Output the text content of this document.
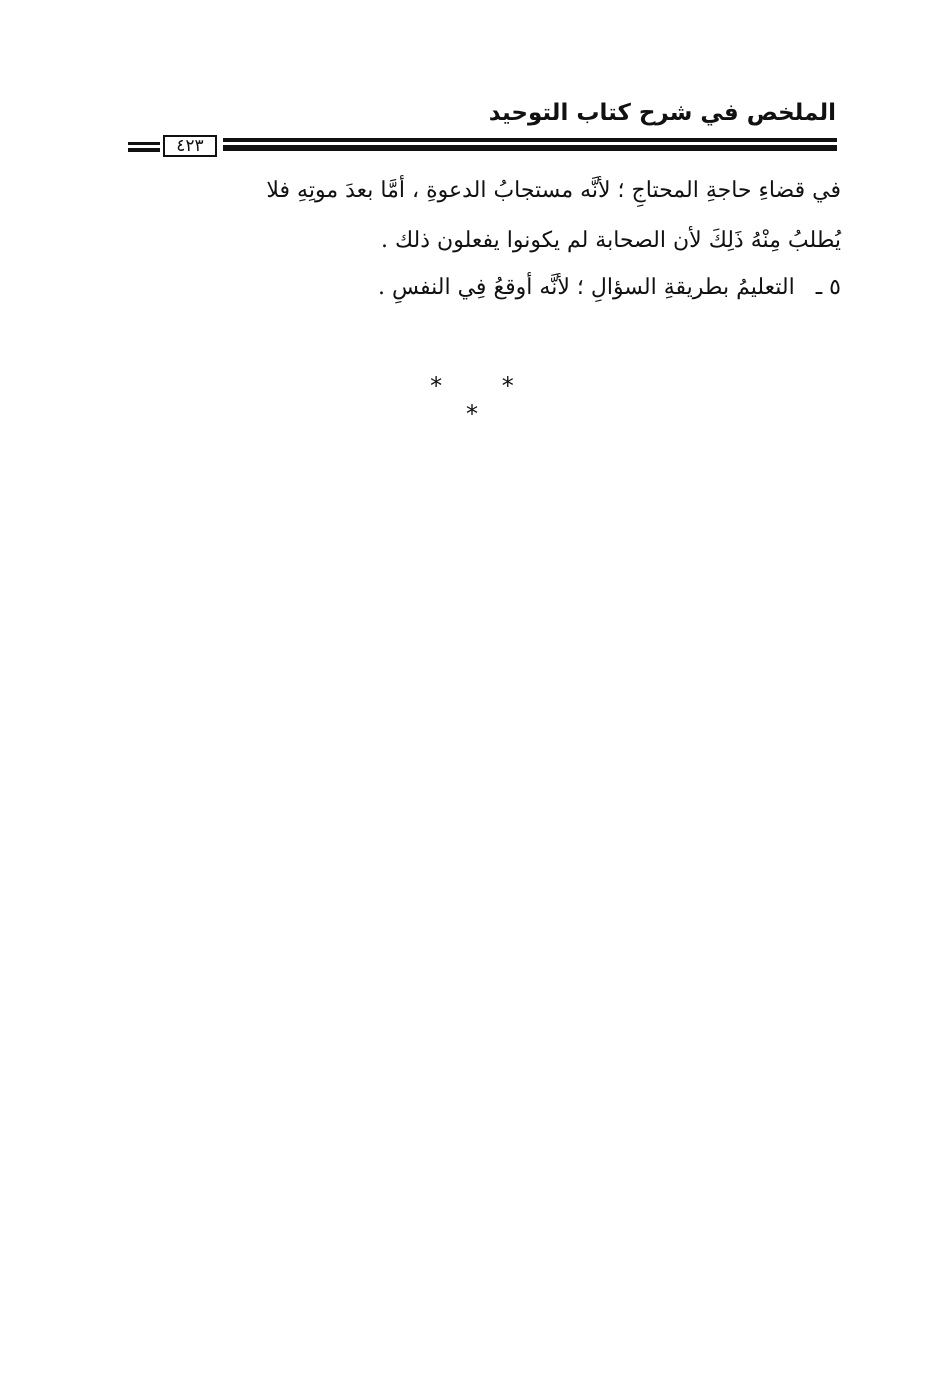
الملخص في شرح كتاب التوحيد
٤٢٣
في قضاءِ حاجةِ المحتاجِ ؛ لأنَّه مستجابُ الدعوةِ ، أمَّا بعدَ موتِهِ فلا
يُطلبُ مِنْهُ ذَلِكَ لأن الصحابة لم يكونوا يفعلون ذلك .
٥ ـ التعليمُ بطريقةِ السؤالِ ؛ لأنَّه أوقعُ فِي النفسِ .
* * *
